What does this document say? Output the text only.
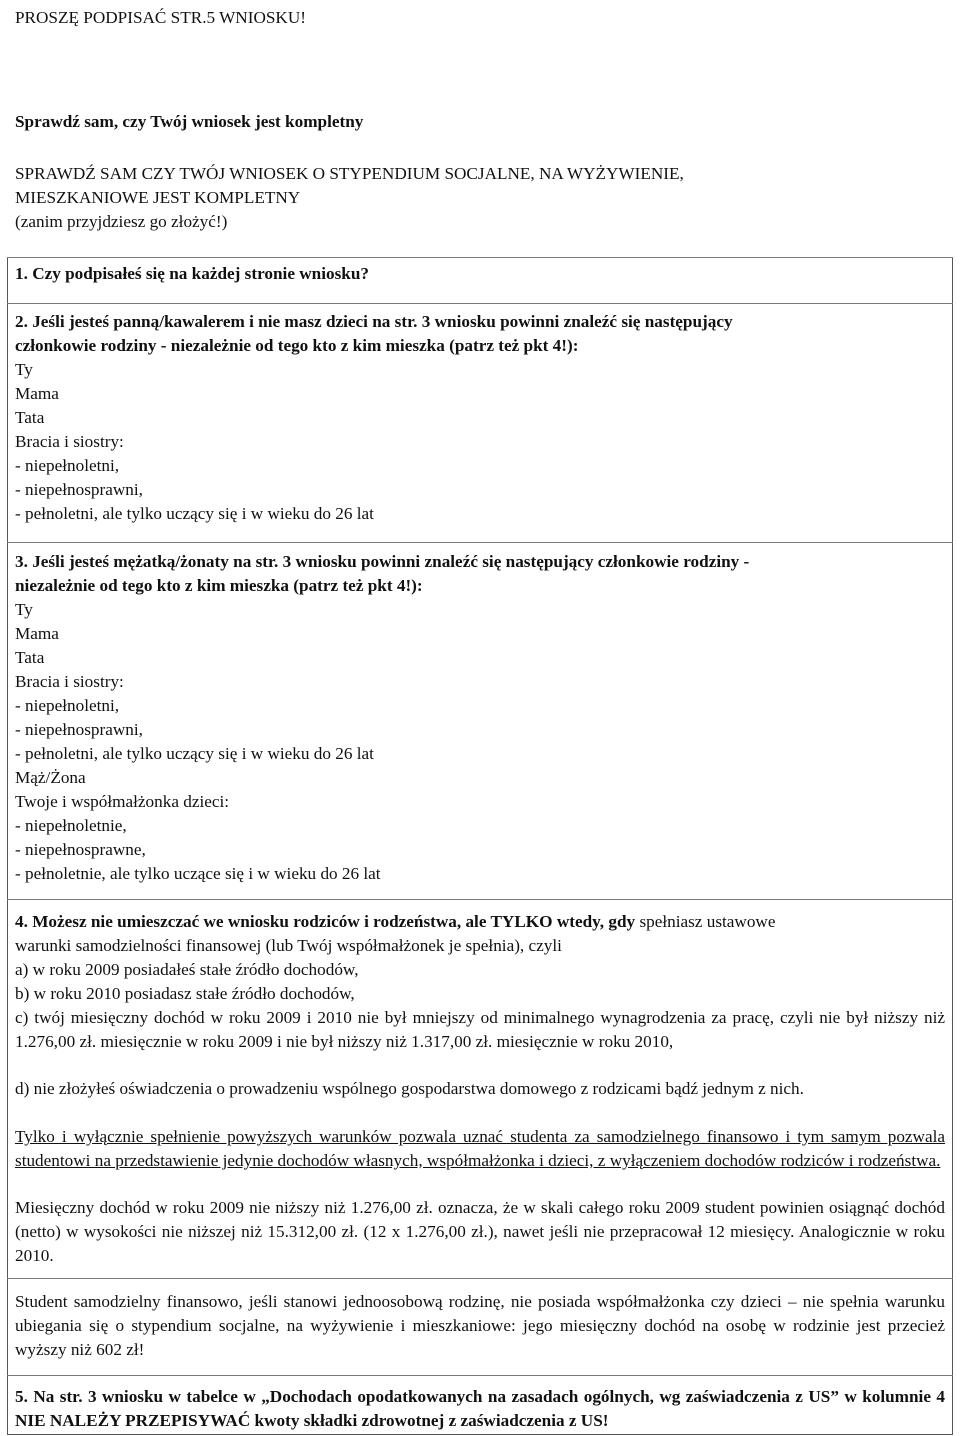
PROSZĘ PODPISAĆ STR.5 WNIOSKU!
Sprawdź sam, czy Twój wniosek jest kompletny
SPRAWDŹ SAM CZY TWÓJ WNIOSEK O STYPENDIUM SOCJALNE, NA WYŻYWIENIE,
MIESZKANIOWE JEST KOMPLETNY
(zanim przyjdziesz go złożyć!)
1. Czy podpisałeś się na każdej stronie wniosku?
2. Jeśli jesteś panną/kawalerem i nie masz dzieci na str. 3 wniosku powinni znaleźć się następujący
członkowie rodziny - niezależnie od tego kto z kim mieszka (patrz też pkt 4!):
Ty
Mama
Tata
Bracia i siostry:
- niepełnoletni,
- niepełnosprawni,
- pełnoletni, ale tylko uczący się i w wieku do 26 lat
3. Jeśli jesteś mężatką/żonaty na str. 3 wniosku powinni znaleźć się następujący członkowie rodziny -
niezależnie od tego kto z kim mieszka (patrz też pkt 4!):
Ty
Mama
Tata
Bracia i siostry:
- niepełnoletni,
- niepełnosprawni,
- pełnoletni, ale tylko uczący się i w wieku do 26 lat
Mąż/Żona
Twoje i współmałżonka dzieci:
- niepełnoletnie,
- niepełnosprawne,
- pełnoletnie, ale tylko uczące się i w wieku do 26 lat
4. Możesz nie umieszczać we wniosku rodziców i rodzeństwa, ale TYLKO wtedy, gdy spełniasz ustawowe
warunki samodzielności finansowej (lub Twój współmałżonek je spełnia), czyli
a) w roku 2009 posiadałeś stałe źródło dochodów,
b) w roku 2010 posiadasz stałe źródło dochodów,

c) twój miesięczny dochód w roku 2009 i 2010 nie był mniejszy od minimalnego wynagrodzenia za pracę, czyli nie był niższy niż 1.276,00 zł. miesięcznie w roku 2009 i nie był niższy niż 1.317,00 zł. miesięcznie w roku 2010,

d) nie złożyłeś oświadczenia o prowadzeniu wspólnego gospodarstwa domowego z rodzicami bądź jednym z nich.

Tylko i wyłącznie spełnienie powyższych warunków pozwala uznać studenta za samodzielnego finansowo i tym samym pozwala studentowi na przedstawienie jedynie dochodów własnych, współmałżonka i dzieci, z wyłączeniem dochodów rodziców i rodzeństwa.

Miesięczny dochód w roku 2009 nie niższy niż 1.276,00 zł. oznacza, że w skali całego roku 2009 student powinien osiągnąć dochód (netto) w wysokości nie niższej niż 15.312,00 zł. (12 x 1.276,00 zł.), nawet jeśli nie przepracował 12 miesięcy. Analogicznie w roku 2010.

Student samodzielny finansowo, jeśli stanowi jednoosobową rodzinę, nie posiada współmałżonka czy dzieci – nie spełnia warunku ubiegania się o stypendium socjalne, na wyżywienie i mieszkaniowe: jego miesięczny dochód na osobę w rodzinie jest przecież wyższy niż 602 zł!

5. Na str. 3 wniosku w tabelce w „Dochodach opodatkowanych na zasadach ogólnych, wg zaświadczenia z US” w kolumnie 4 NIE NALEŻY PRZEPISYWAĆ kwoty składki zdrowotnej z zaświadczenia z US!
